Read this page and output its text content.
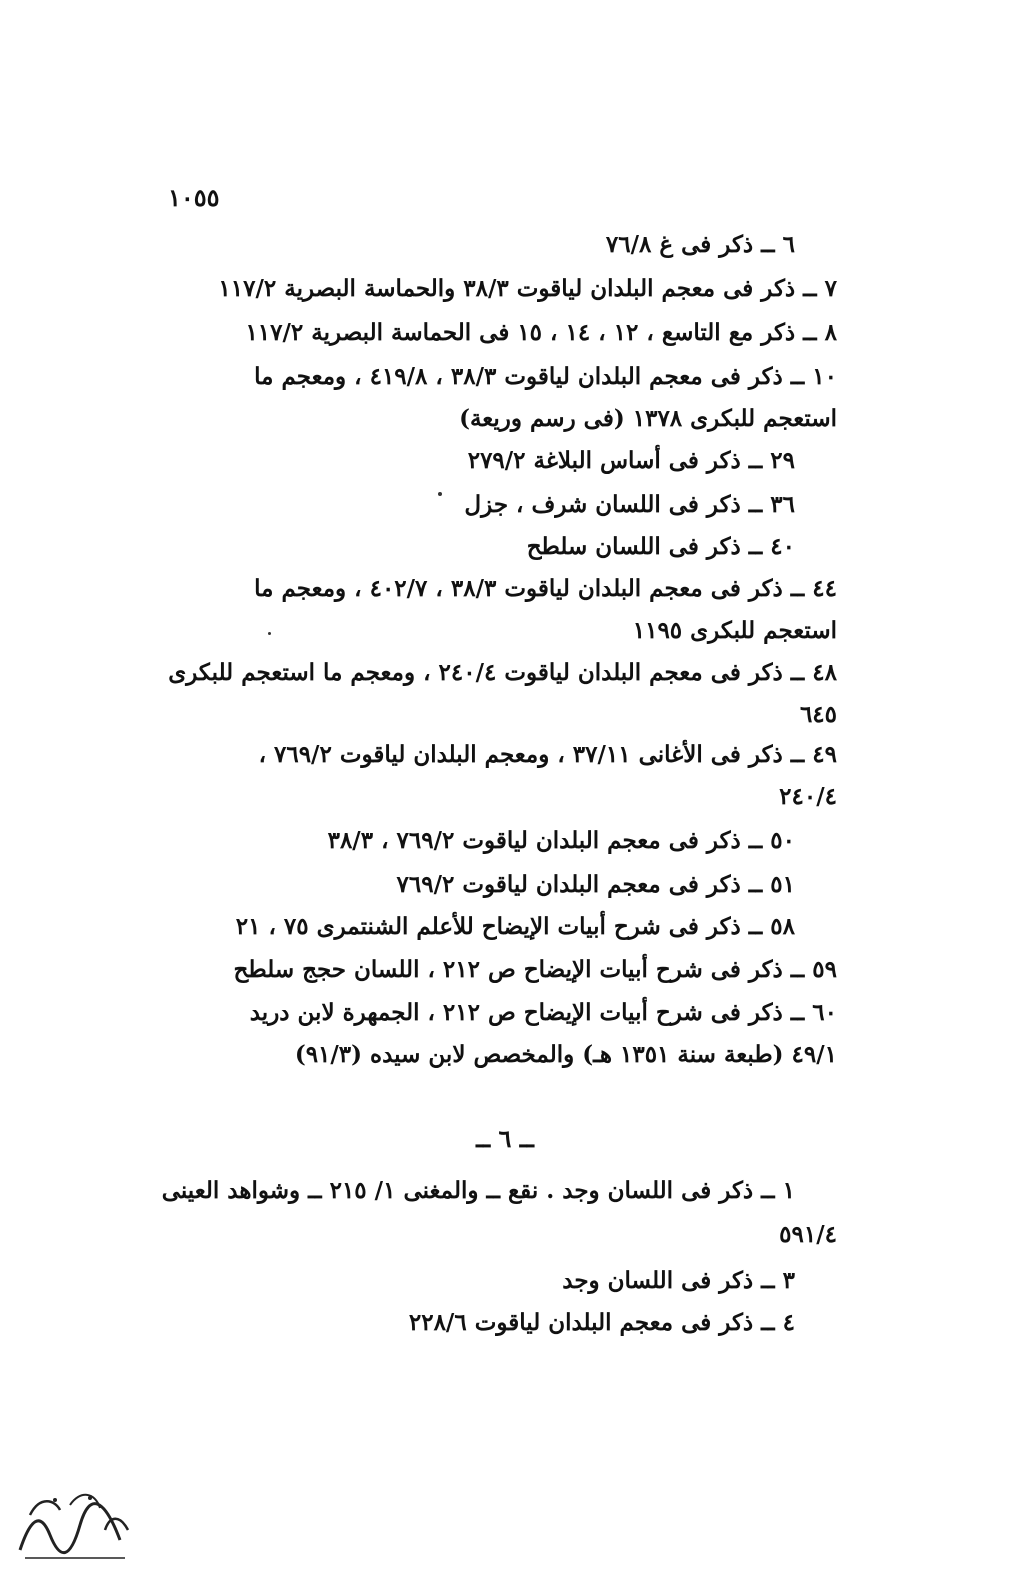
١٠٥٥
٦ ــ ذكر فى غ ٧٦/٨
٧ ــ ذكر فى معجم البلدان لياقوت ٣٨/٣ والحماسة البصرية ١١٧/٢
٨ ــ ذكر مع التاسع ، ١٢ ، ١٤ ، ١٥ فى الحماسة البصرية ١١٧/٢
١٠ ــ ذكر فى معجم البلدان لياقوت ٣٨/٣ ، ٤١٩/٨ ، ومعجم ما
استعجم للبكرى ١٣٧٨ (فى رسم وريعة)
٢٩ ــ ذكر فى أساس البلاغة ٢٧٩/٢
٣٦ ــ ذكر فى اللسان شرف ، جزل
٤٠ ــ ذكر فى اللسان سلطح
٤٤ ــ ذكر فى معجم البلدان لياقوت ٣٨/٣ ، ٤٠٢/٧ ، ومعجم ما
استعجم للبكرى ١١٩٥
٤٨ ــ ذكر فى معجم البلدان لياقوت ٢٤٠/٤ ، ومعجم ما استعجم للبكرى
٦٤٥
٤٩ ــ ذكر فى الأغانى ٣٧/١١ ، ومعجم البلدان لياقوت ٧٦٩/٢ ،
٢٤٠/٤
٥٠ ــ ذكر فى معجم البلدان لياقوت ٧٦٩/٢ ، ٣٨/٣
٥١ ــ ذكر فى معجم البلدان لياقوت ٧٦٩/٢
٥٨ ــ ذكر فى شرح أبيات الإيضاح للأعلم الشنتمرى ٧٥ ، ٢١
٥٩ ــ ذكر فى شرح أبيات الإيضاح ص ٢١٢ ، اللسان حجج سلطح
٦٠ ــ ذكر فى شرح أبيات الإيضاح ص ٢١٢ ، الجمهرة لابن دريد
٤٩/١ (طبعة سنة ١٣٥١ هـ) والمخصص لابن سيده (٩١/٣)
ــ ٦ ــ
١ ــ ذكر فى اللسان وجد . نقع ــ والمغنى ١/ ٢١٥ ــ وشواهد العينى
٥٩١/٤
٣ ــ ذكر فى اللسان وجد
٤ ــ ذكر فى معجم البلدان لياقوت ٢٢٨/٦
